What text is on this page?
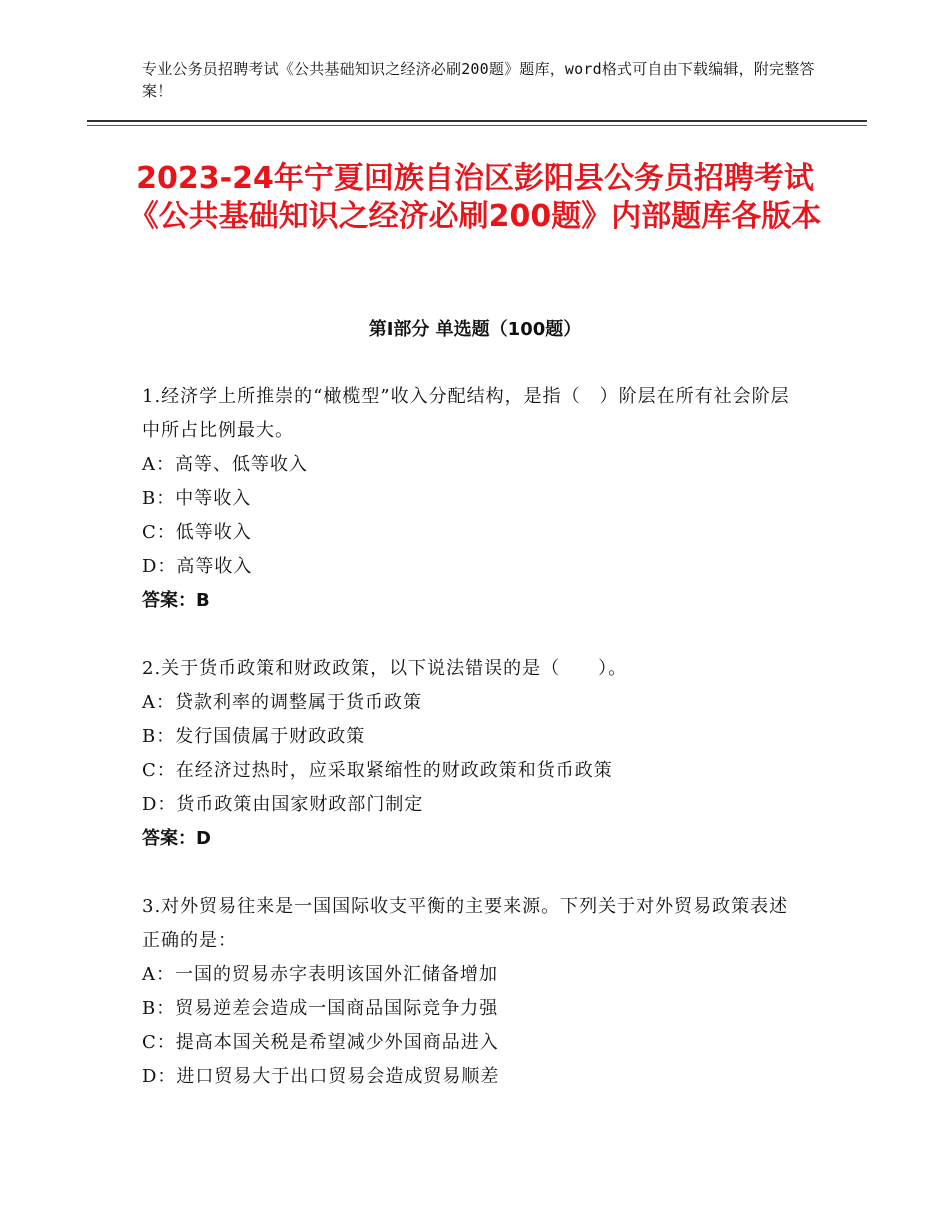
专业公务员招聘考试《公共基础知识之经济必刷200题》题库，word格式可自由下载编辑，附完整答案！
2023-24年宁夏回族自治区彭阳县公务员招聘考试《公共基础知识之经济必刷200题》内部题库各版本
第Ⅰ部分 单选题（100题）
1.经济学上所推崇的“橄榄型”收入分配结构，是指（　）阶层在所有社会阶层中所占比例最大。
A：高等、低等收入
B：中等收入
C：低等收入
D：高等收入
答案：B
2.关于货币政策和财政政策，以下说法错误的是（　　）。
A：贷款利率的调整属于货币政策
B：发行国债属于财政政策
C：在经济过热时，应采取紧缩性的财政政策和货币政策
D：货币政策由国家财政部门制定
答案：D
3.对外贸易往来是一国国际收支平衡的主要来源。下列关于对外贸易政策表述正确的是：
A：一国的贸易赤字表明该国外汇储备增加
B：贸易逆差会造成一国商品国际竞争力强
C：提高本国关税是希望减少外国商品进入
D：进口贸易大于出口贸易会造成贸易顺差
